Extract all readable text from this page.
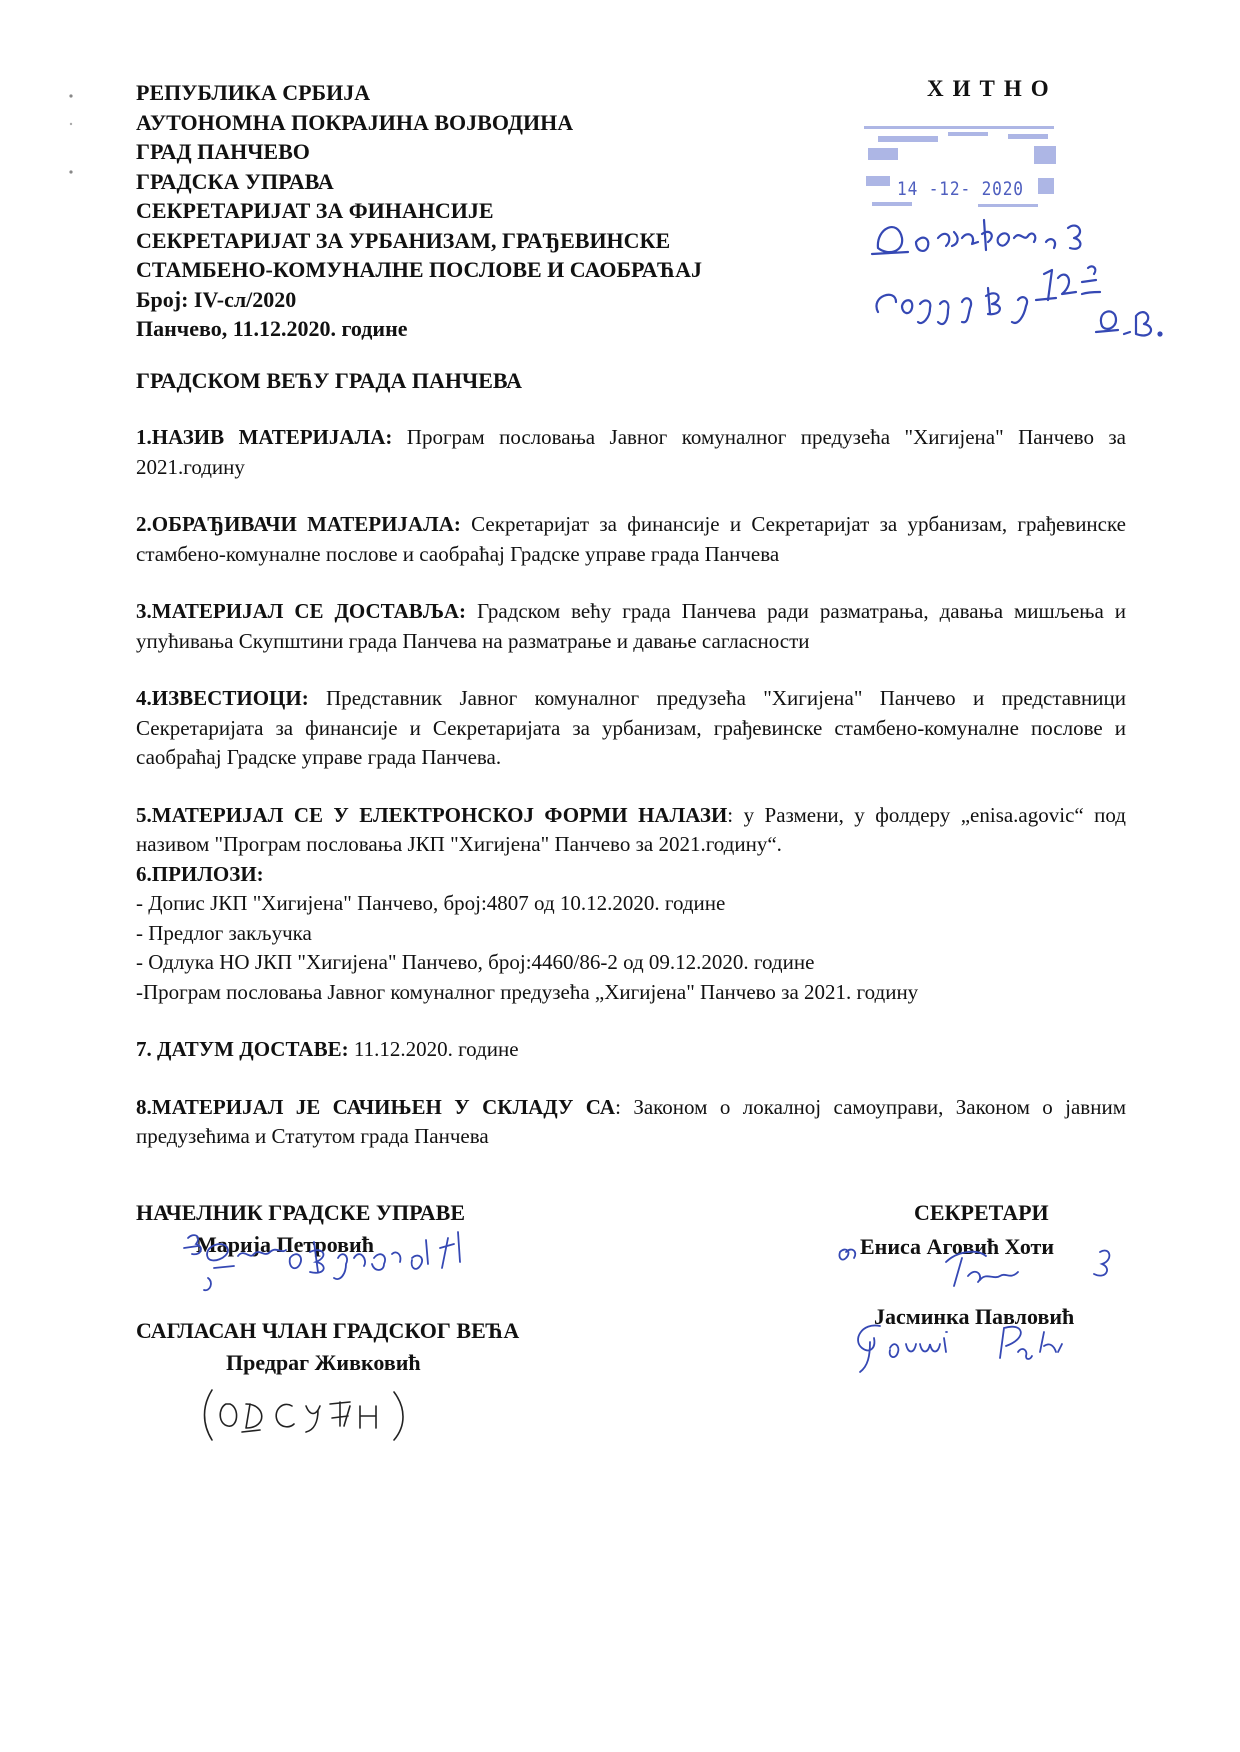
РЕПУБЛИКА СРБИЈА
АУТОНОМНА ПОКРАЈИНА ВОЈВОДИНА
ГРАД ПАНЧЕВО
ГРАДСКА УПРАВА
СЕКРЕТАРИЈАТ ЗА ФИНАНСИЈЕ
СЕКРЕТАРИЈАТ ЗА УРБАНИЗАМ, ГРАЂЕВИНСКЕ
СТАМБЕНО-КОМУНАЛНЕ ПОСЛОВЕ И САОБРАЋАЈ
Број: IV-сл/2020
Панчево, 11.12.2020. године
ХИТНО
14 -12- 2020
ГРАДСКОМ ВЕЋУ ГРАДА ПАНЧЕВА
1.НАЗИВ МАТЕРИЈАЛА: Програм пословања Јавног комуналног предузећа "Хигијена" Панчево за 2021.годину
2.ОБРАЂИВАЧИ МАТЕРИЈАЛА: Секретаријат за финансије и Секретаријат за урбанизам, грађевинске стамбено-комуналне послове и саобраћај Градске управе града Панчева
3.МАТЕРИЈАЛ СЕ ДОСТАВЉА: Градском већу града Панчева ради разматрања, давања мишљења и упућивања Скупштини града Панчева на разматрање и давање сагласности
4.ИЗВЕСТИОЦИ: Представник Јавног комуналног предузећа "Хигијена" Панчево и представници Секретаријата за финансије и Секретаријата за урбанизам, грађевинске стамбено-комуналне послове и саобраћај Градске управе града Панчева.
5.МАТЕРИЈАЛ СЕ У ЕЛЕКТРОНСКОЈ ФОРМИ НАЛАЗИ: у Размени, у фолдеру „enisa.agovic“ под називом "Програм пословања ЈКП "Хигијена" Панчево за 2021.годину“.
6.ПРИЛОЗИ:
- Допис ЈКП "Хигијена" Панчево, број:4807 од 10.12.2020. године
- Предлог закључка
- Одлука НО ЈКП "Хигијена" Панчево, број:4460/86-2 од 09.12.2020. године
-Програм пословања Јавног комуналног предузећа „Хигијена" Панчево за 2021. годину
7. ДАТУМ ДОСТАВЕ: 11.12.2020. године
8.МАТЕРИЈАЛ ЈЕ САЧИЊЕН У СКЛАДУ СА: Законом о локалној самоуправи, Законом о јавним предузећима и Статутом града Панчева
НАЧЕЛНИК ГРАДСКЕ УПРАВЕ
Марија Петровић
САГЛАСАН ЧЛАН ГРАДСКОГ ВЕЋА
Предраг Живковић
СЕКРЕТАРИ
Ениса Аговић Хоти
Јасминка Павловић
